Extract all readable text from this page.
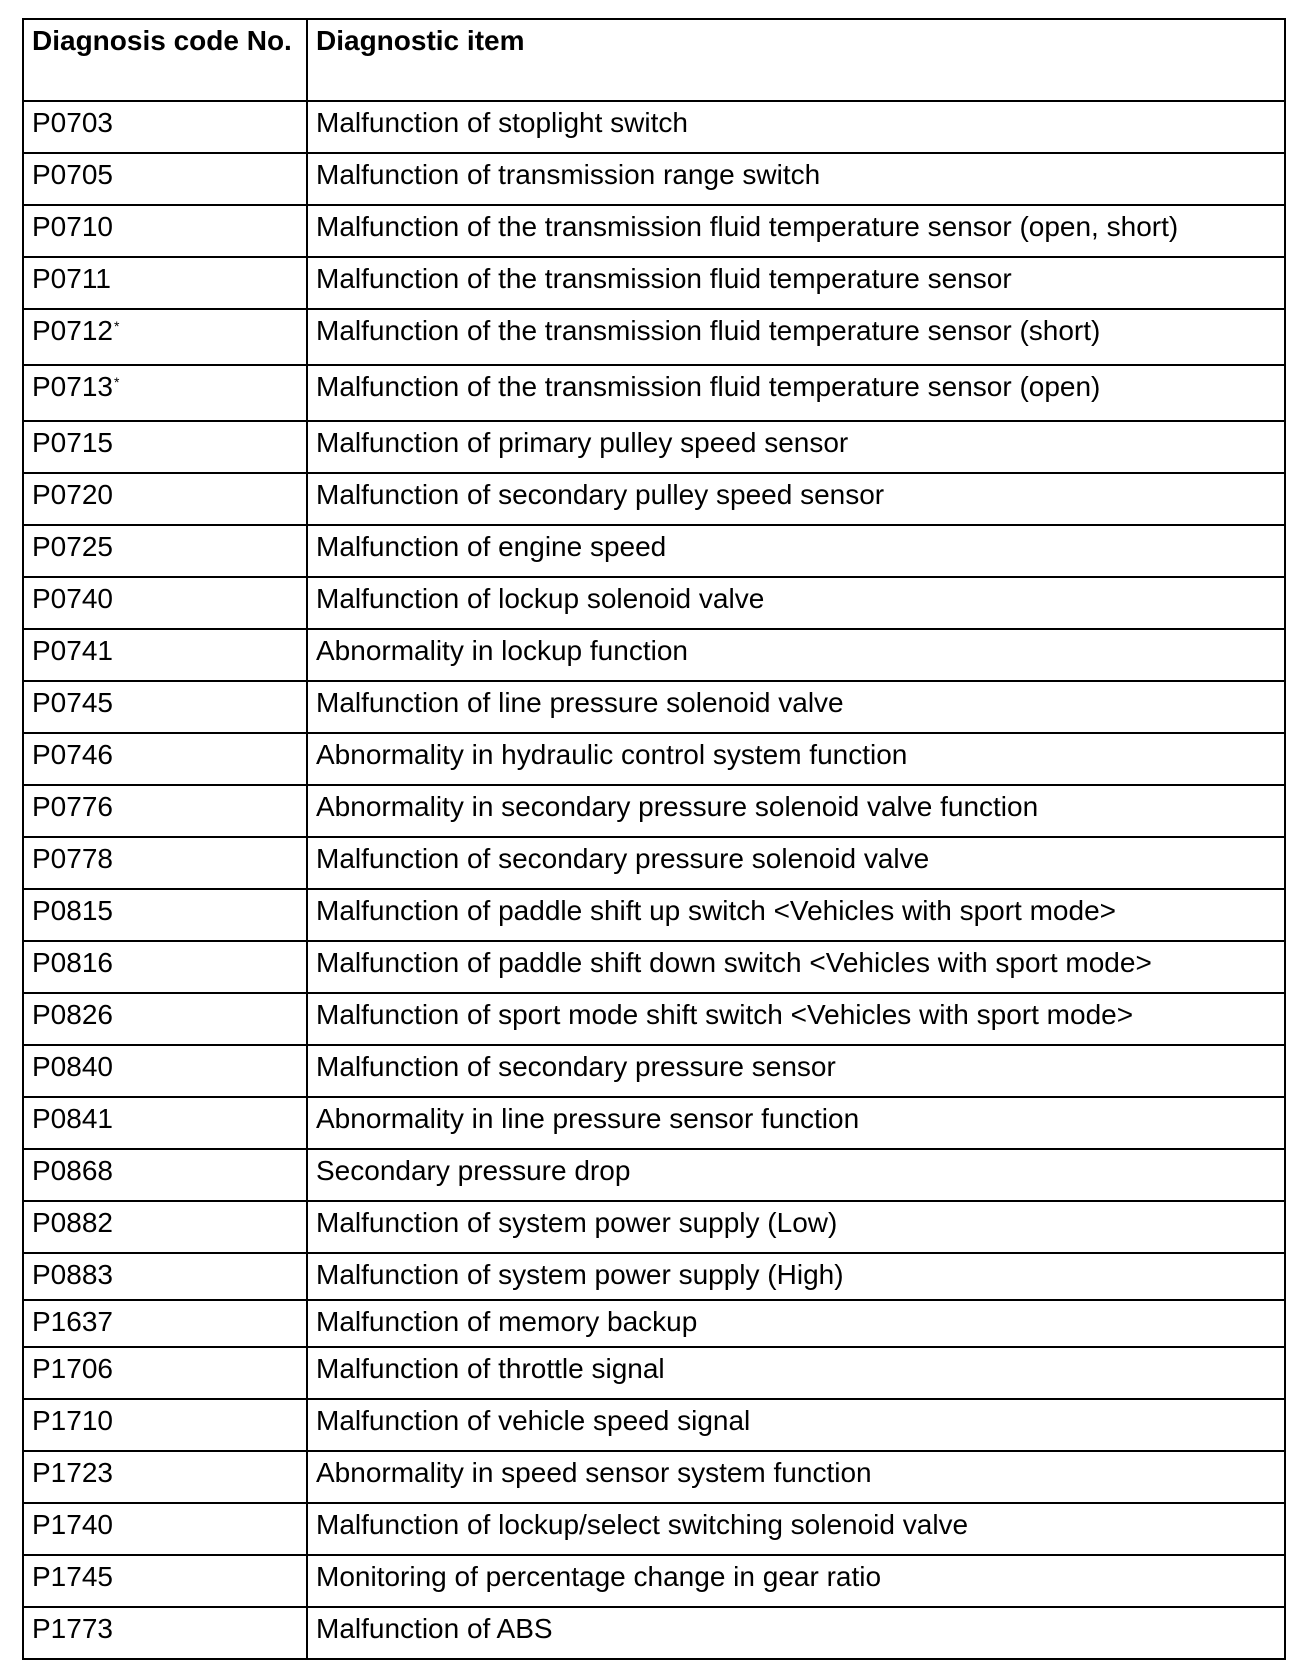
Diagnosis code No.	Diagnostic item
P0703	Malfunction of stoplight switch
P0705	Malfunction of transmission range switch
P0710	Malfunction of the transmission fluid temperature sensor (open, short)
P0711	Malfunction of the transmission fluid temperature sensor
P0712*	Malfunction of the transmission fluid temperature sensor (short)
P0713*	Malfunction of the transmission fluid temperature sensor (open)
P0715	Malfunction of primary pulley speed sensor
P0720	Malfunction of secondary pulley speed sensor
P0725	Malfunction of engine speed
P0740	Malfunction of lockup solenoid valve
P0741	Abnormality in lockup function
P0745	Malfunction of line pressure solenoid valve
P0746	Abnormality in hydraulic control system function
P0776	Abnormality in secondary pressure solenoid valve function
P0778	Malfunction of secondary pressure solenoid valve
P0815	Malfunction of paddle shift up switch <Vehicles with sport mode>
P0816	Malfunction of paddle shift down switch <Vehicles with sport mode>
P0826	Malfunction of sport mode shift switch <Vehicles with sport mode>
P0840	Malfunction of secondary pressure sensor
P0841	Abnormality in line pressure sensor function
P0868	Secondary pressure drop
P0882	Malfunction of system power supply (Low)
P0883	Malfunction of system power supply (High)
P1637	Malfunction of memory backup
P1706	Malfunction of throttle signal
P1710	Malfunction of vehicle speed signal
P1723	Abnormality in speed sensor system function
P1740	Malfunction of lockup/select switching solenoid valve
P1745	Monitoring of percentage change in gear ratio
P1773	Malfunction of ABS
